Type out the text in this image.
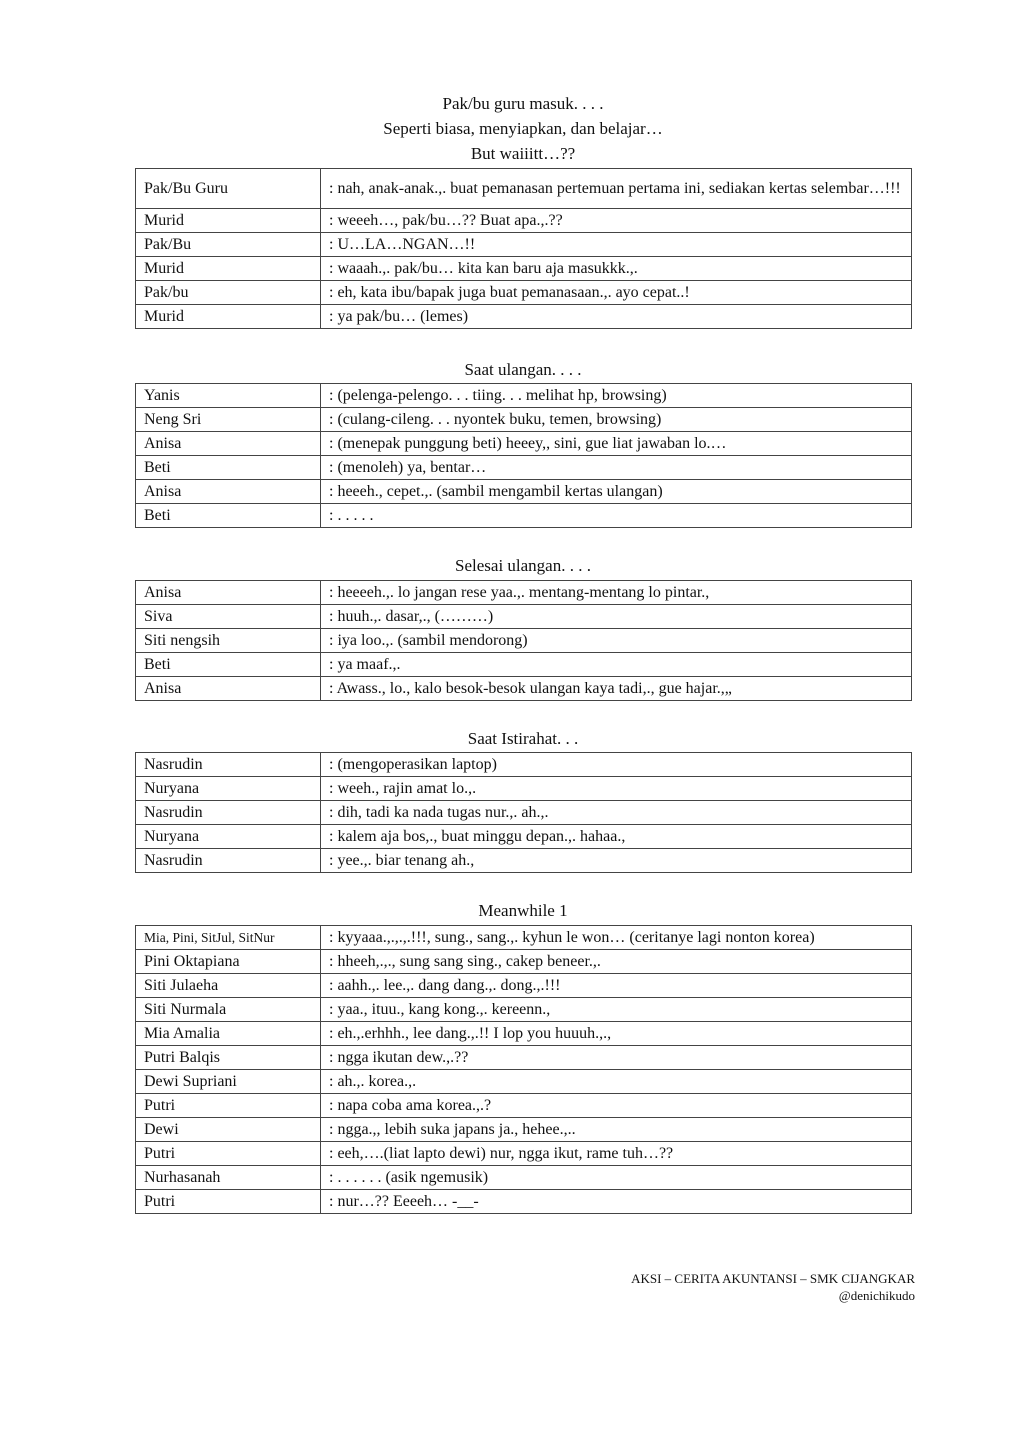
Pak/bu guru masuk. . . .
Seperti biasa, menyiapkan, dan belajar…
But waiiitt…??
Pak/Bu Guru	: nah, anak-anak.,. buat pemanasan pertemuan pertama ini, sediakan kertas selembar…!!!
Murid	: weeeh…, pak/bu…?? Buat apa.,.??
Pak/Bu	: U…LA…NGAN…!!
Murid	: waaah.,. pak/bu… kita kan baru aja masukkk.,.
Pak/bu	: eh, kata ibu/bapak juga buat pemanasaan.,. ayo cepat..!
Murid	: ya pak/bu… (lemes)
Saat ulangan. . . .
Yanis	: (pelenga-pelengo. . . tiing. . . melihat hp, browsing)
Neng Sri	: (culang-cileng. . . nyontek buku, temen, browsing)
Anisa	: (menepak punggung beti) heeey,, sini, gue liat jawaban lo.…
Beti	: (menoleh) ya, bentar…
Anisa	: heeeh., cepet.,. (sambil mengambil kertas ulangan)
Beti	: . . . . .
Selesai ulangan. . . .
Anisa	: heeeeh.,. lo jangan rese yaa.,. mentang-mentang lo pintar.,
Siva	: huuh.,. dasar,., (………)
Siti nengsih	: iya loo.,. (sambil mendorong)
Beti	: ya maaf.,.
Anisa	: Awass., lo., kalo besok-besok ulangan kaya tadi,., gue hajar.,„
Saat Istirahat. . .
Nasrudin	: (mengoperasikan laptop)
Nuryana	: weeh., rajin amat lo.,.
Nasrudin	: dih, tadi ka nada tugas nur.,. ah.,.
Nuryana	: kalem aja bos,., buat minggu depan.,. hahaa.,
Nasrudin	: yee.,. biar tenang ah.,
Meanwhile 1
Mia, Pini, SitJul, SitNur	: kyyaaa.,.,.,.!!!, sung., sang.,. kyhun le won… (ceritanye lagi nonton korea)
Pini Oktapiana	: hheeh,.,., sung sang sing., cakep beneer.,.
Siti Julaeha	: aahh.,. lee.,. dang dang.,. dong.,.!!!
Siti Nurmala	: yaa., ituu., kang kong.,. kereenn.,
Mia Amalia	: eh.,.erhhh., lee dang.,.!! I lop you huuuh.,.,
Putri Balqis	: ngga ikutan dew.,.??
Dewi Supriani	: ah.,. korea.,.
Putri	: napa coba ama korea.,.?
Dewi	: ngga.,, lebih suka japans ja., hehee.,..
Putri	: eeh,….(liat lapto dewi) nur, ngga ikut, rame tuh…??
Nurhasanah	: . . . . . . (asik ngemusik)
Putri	: nur…?? Eeeeh… -__-
AKSI – CERITA AKUNTANSI – SMK CIJANGKAR
@denichikudo
